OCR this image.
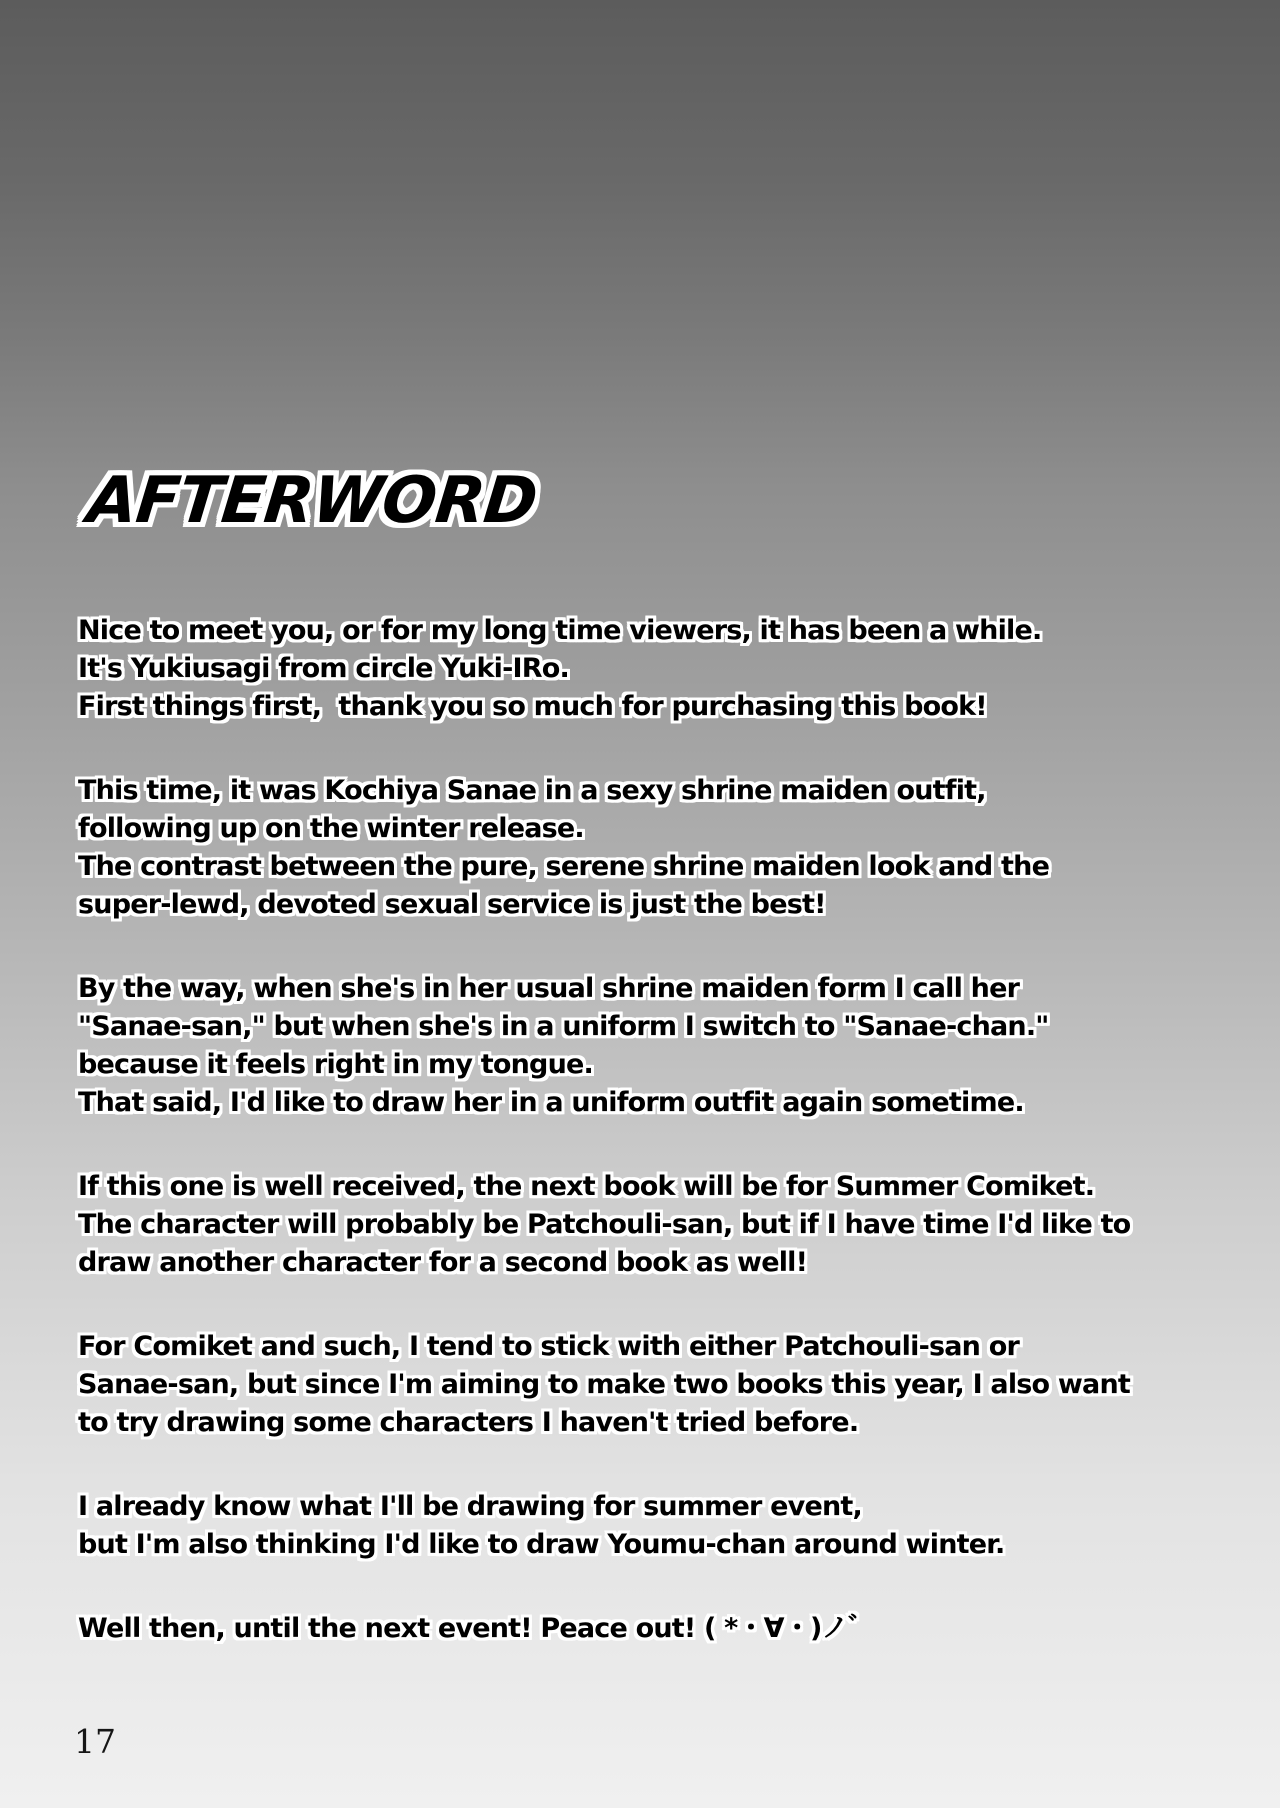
AFTERWORD
Nice to meet you, or for my long time viewers, it has been a while.
It's Yukiusagi from circle Yuki-IRo.
First things first,  thank you so much for purchasing this book!
This time, it was Kochiya Sanae in a sexy shrine maiden outfit,
following up on the winter release.
The contrast between the pure, serene shrine maiden look and the
super-lewd, devoted sexual service is just the best!
By the way, when she's in her usual shrine maiden form I call her
"Sanae-san," but when she's in a uniform I switch to "Sanae-chan."
because it feels right in my tongue.
That said, I'd like to draw her in a uniform outfit again sometime.
If this one is well received, the next book will be for Summer Comiket.
The character will probably be Patchouli-san, but if I have time I'd like to
draw another character for a second book as well!
For Comiket and such, I tend to stick with either Patchouli-san or
Sanae-san, but since I'm aiming to make two books this year, I also want
to try drawing some characters I haven't tried before.
I already know what I'll be drawing for summer event,
but I'm also thinking I'd like to draw Youmu-chan around winter.
Well then, until the next event! Peace out! ( *・∀・)ノ゛
17
